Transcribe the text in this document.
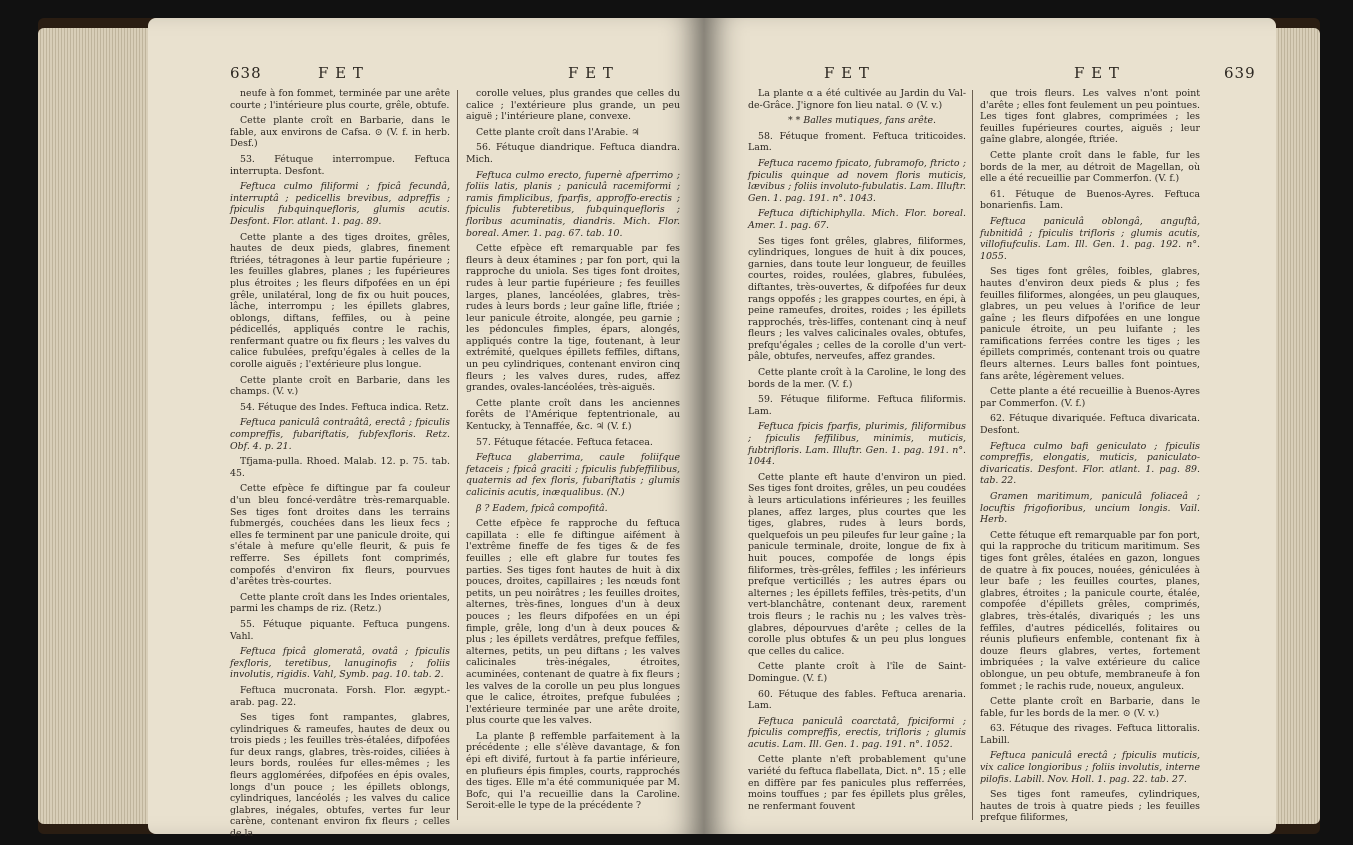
638	F E T	F E T

neufe à fon fommet, terminée par une arête courte ; l'intérieure plus courte, grêle, obtufe.

Cette plante croît en Barbarie, dans le fable, aux environs de Cafsa. ⊙ (V. f. in herb. Desf.)

53. Fétuque interrompue. Feftuca interrupta. Desfont.

Feftuca culmo filiformi ; fpicâ fecundâ, interruptâ ; pedicellis brevibus, adpreffis ; fpiculis fubquinquefloris, glumis acutis. Desfont. Flor. atlant. 1. pag. 89.

Cette plante a des tiges droites, grêles, hautes de deux pieds, glabres, finement ftriées, tétragones à leur partie fupérieure ; les feuilles glabres, planes ; les fupérieures plus étroites ; les fleurs difpofées en un épi grêle, unilatéral, long de fix ou huit pouces, lâche, interrompu ; les épillets glabres, oblongs, diftans, feffiles, ou à peine pédicellés, appliqués contre le rachis, renfermant quatre ou fix fleurs ; les valves du calice fubulées, prefqu'égales à celles de la corolle aiguës ; l'extérieure plus longue.

Cette plante croît en Barbarie, dans les champs. (V. v.)

54. Fétuque des Indes. Feftuca indica. Retz.

Feftuca paniculâ contraâtâ, erectâ ; fpiculis compreffis, fubariftatis, fubfexfloris. Retz. Obf. 4. p. 21.

Tfjama-pulla. Rhoed. Malab. 12. p. 75. tab. 45.

Cette efpèce fe diftingue par fa couleur d'un bleu foncé-verdâtre très-remarquable. Ses tiges font droites dans les terrains fubmergés, couchées dans les lieux fecs ; elles fe terminent par une panicule droite, qui s'étale à mefure qu'elle fleurit, & puis fe refferre. Ses épillets font comprimés, compofés d'environ fix fleurs, pourvues d'arêtes très-courtes.

Cette plante croît dans les Indes orientales, parmi les champs de riz. (Retz.)

55. Fétuque piquante. Feftuca pungens. Vahl.

Feftuca fpicâ glomeratâ, ovatâ ; fpiculis fexfloris, teretibus, lanuginofis ; foliis involutis, rigidis. Vahl, Symb. pag. 10. tab. 2.

Feftuca mucronata. Forsh. Flor. ægypt.-arab. pag. 22.

Ses tiges font rampantes, glabres, cylindriques & rameufes, hautes de deux ou trois pieds ; les feuilles très-étalées, difpofées fur deux rangs, glabres, très-roides, ciliées à leurs bords, roulées fur elles-mêmes ; les fleurs agglomérées, difpofées en épis ovales, longs d'un pouce ; les épillets oblongs, cylindriques, lancéolés ; les valves du calice glabres, inégales, obtufes, vertes fur leur carène, contenant environ fix fleurs ; celles de la

corolle velues, plus grandes que celles du calice ; l'extérieure plus grande, un peu aiguë ; l'intérieure plane, convexe.

Cette plante croît dans l'Arabie. ♃

56. Fétuque diandrique. Feftuca diandra. Mich.

Feftuca culmo erecto, fupernè afperrimo ; foliis latis, planis ; paniculâ racemiformi ; ramis fimplicibus, fparfis, approffo-erectis ; fpiculis fubteretibus, fubquinquefloris ; floribus acuminatis, diandris. Mich. Flor. boreal. Amer. 1. pag. 67. tab. 10.

Cette efpèce eft remarquable par fes fleurs à deux étamines ; par fon port, qui la rapproche du uniola. Ses tiges font droites, rudes à leur partie fupérieure ; fes feuilles larges, planes, lancéolées, glabres, très-rudes à leurs bords ; leur gaîne lifle, ftriée ; leur panicule étroite, alongée, peu garnie ; les pédoncules fimples, épars, alongés, appliqués contre la tige, foutenant, à leur extrémité, quelques épillets feffiles, diftans, un peu cylindriques, contenant environ cinq fleurs ; les valves dures, rudes, affez grandes, ovales-lancéolées, très-aiguës.

Cette plante croît dans les anciennes forêts de l'Amérique feptentrionale, au Kentucky, à Tennaffée, &c. ♃ (V. f.)

57. Fétuque fétacée. Feftuca fetacea.

Feftuca glaberrima, caule foliifque fetaceis ; fpicâ graciti ; fpiculis fubfeffilibus, quaternis ad fex floris, fubariftatis ; glumis calicinis acutis, inæqualibus. (N.)

β ? Eadem, fpicâ compofitâ.

Cette efpèce fe rapproche du feftuca capillata : elle fe diftingue aifément à l'extrême fineffe de fes tiges & de fes feuilles ; elle eft glabre fur toutes fes parties. Ses tiges font hautes de huit à dix pouces, droites, capillaires ; les nœuds font petits, un peu noirâtres ; les feuilles droites, alternes, très-fines, longues d'un à deux pouces ; les fleurs difpofées en un épi fimple, grêle, long d'un à deux pouces & plus ; les épillets verdâtres, prefque feffiles, alternes, petits, un peu diftans ; les valves calicinales très-inégales, étroites, acuminées, contenant de quatre à fix fleurs ; les valves de la corolle un peu plus longues que le calice, étroites, prefque fubulées ; l'extérieure terminée par une arête droite, plus courte que les valves.

La plante β reffemble parfaitement à la précédente ; elle s'élève davantage, & fon épi eft divifé, furtout à fa partie inférieure, en plufieurs épis fimples, courts, rapprochés des tiges. Elle m'a été communiquée par M. Bofc, qui l'a recueillie dans la Caroline. Seroit-elle le type de la précédente ?

F E T	F E T	639

La plante α a été cultivée au Jardin du Val-de-Grâce. J'ignore fon lieu natal. ⊙ (V. v.)

* * Balles mutiques, fans arête.

58. Fétuque froment. Feftuca triticoides. Lam.

Feftuca racemo fpicato, fubramofo, ftricto ; fpiculis quinque ad novem floris muticis, lævibus ; foliis involuto-fubulatis. Lam. Illuftr. Gen. 1. pag. 191. n°. 1043.

Feftuca diftichiphylla. Mich. Flor. boreal. Amer. 1. pag. 67.

Ses tiges font grêles, glabres, filiformes, cylindriques, longues de huit à dix pouces, garnies, dans toute leur longueur, de feuilles courtes, roides, roulées, glabres, fubulées, diftantes, très-ouvertes, & difpofées fur deux rangs oppofés ; les grappes courtes, en épi, à peine rameufes, droites, roides ; les épillets rapprochés, très-liffes, contenant cinq à neuf fleurs ; les valves calicinales ovales, obtufes, prefqu'égales ; celles de la corolle d'un vert-pâle, obtufes, nerveufes, affez grandes.

Cette plante croît à la Caroline, le long des bords de la mer. (V. f.)

59. Fétuque filiforme. Feftuca filiformis. Lam.

Feftuca fpicis fparfis, plurimis, filiformibus ; fpiculis feffilibus, minimis, muticis, fubtrifloris. Lam. Illuftr. Gen. 1. pag. 191. n°. 1044.

Cette plante eft haute d'environ un pied. Ses tiges font droites, grêles, un peu coudées à leurs articulations inférieures ; les feuilles planes, affez larges, plus courtes que les tiges, glabres, rudes à leurs bords, quelquefois un peu pileufes fur leur gaîne ; la panicule terminale, droite, longue de fix à huit pouces, compofée de longs épis filiformes, très-grêles, feffiles ; les inférieurs prefque verticillés ; les autres épars ou alternes ; les épillets feffiles, très-petits, d'un vert-blanchâtre, contenant deux, rarement trois fleurs ; le rachis nu ; les valves très-glabres, dépourvues d'arête ; celles de la corolle plus obtufes & un peu plus longues que celles du calice.

Cette plante croît à l'île de Saint-Domingue. (V. f.)

60. Fétuque des fables. Feftuca arenaria. Lam.

Feftuca paniculâ coarctatâ, fpiciformi ; fpiculis compreffis, erectis, trifloris ; glumis acutis. Lam. Ill. Gen. 1. pag. 191. n°. 1052.

Cette plante n'eft probablement qu'une variété du feftuca flabellata, Dict. n°. 15 ; elle en diffère par fes panicules plus refferrées, moins touffues ; par fes épillets plus grêles, ne renfermant fouvent

que trois fleurs. Les valves n'ont point d'arête ; elles font feulement un peu pointues. Les tiges font glabres, comprimées ; les feuilles fupérieures courtes, aiguës ; leur gaîne glabre, alongée, ftriée.

Cette plante croît dans le fable, fur les bords de la mer, au détroit de Magellan, où elle a été recueillie par Commerfon. (V. f.)

61. Fétuque de Buenos-Ayres. Feftuca bonarienfis. Lam.

Feftuca paniculâ oblongâ, anguftâ, fubnitidâ ; fpiculis trifloris ; glumis acutis, villofiufculis. Lam. Ill. Gen. 1. pag. 192. n°. 1055.

Ses tiges font grêles, foibles, glabres, hautes d'environ deux pieds & plus ; fes feuilles filiformes, alongées, un peu glauques, glabres, un peu velues à l'orifice de leur gaîne ; les fleurs difpofées en une longue panicule étroite, un peu luifante ; les ramifications ferrées contre les tiges ; les épillets comprimés, contenant trois ou quatre fleurs alternes. Leurs balles font pointues, fans arête, légèrement velues.

Cette plante a été recueillie à Buenos-Ayres par Commerfon. (V. f.)

62. Fétuque divariquée. Feftuca divaricata. Desfont.

Feftuca culmo bafi geniculato ; fpiculis compreffis, elongatis, muticis, paniculato-divaricatis. Desfont. Flor. atlant. 1. pag. 89. tab. 22.

Gramen maritimum, paniculâ foliaceâ ; locuftis frigofioribus, uncium longis. Vail. Herb.

Cette fétuque eft remarquable par fon port, qui la rapproche du triticum maritimum. Ses tiges font grêles, étalées en gazon, longues de quatre à fix pouces, nouées, géniculées à leur bafe ; les feuilles courtes, planes, glabres, étroites ; la panicule courte, étalée, compofée d'épillets grêles, comprimés, glabres, très-étalés, divariqués ; les uns feffiles, d'autres pédicellés, folitaires ou réunis plufieurs enfemble, contenant fix à douze fleurs glabres, vertes, fortement imbriquées ; la valve extérieure du calice oblongue, un peu obtufe, membraneufe à fon fommet ; le rachis rude, noueux, anguleux.

Cette plante croît en Barbarie, dans le fable, fur les bords de la mer. ⊙ (V. v.)

63. Fétuque des rivages. Feftuca littoralis. Labill.

Feftuca paniculâ erectâ ; fpiculis muticis, vix calice longioribus ; foliis involutis, interne pilofis. Labill. Nov. Holl. 1. pag. 22. tab. 27.

Ses tiges font rameufes, cylindriques, hautes de trois à quatre pieds ; les feuilles prefque filiformes,
